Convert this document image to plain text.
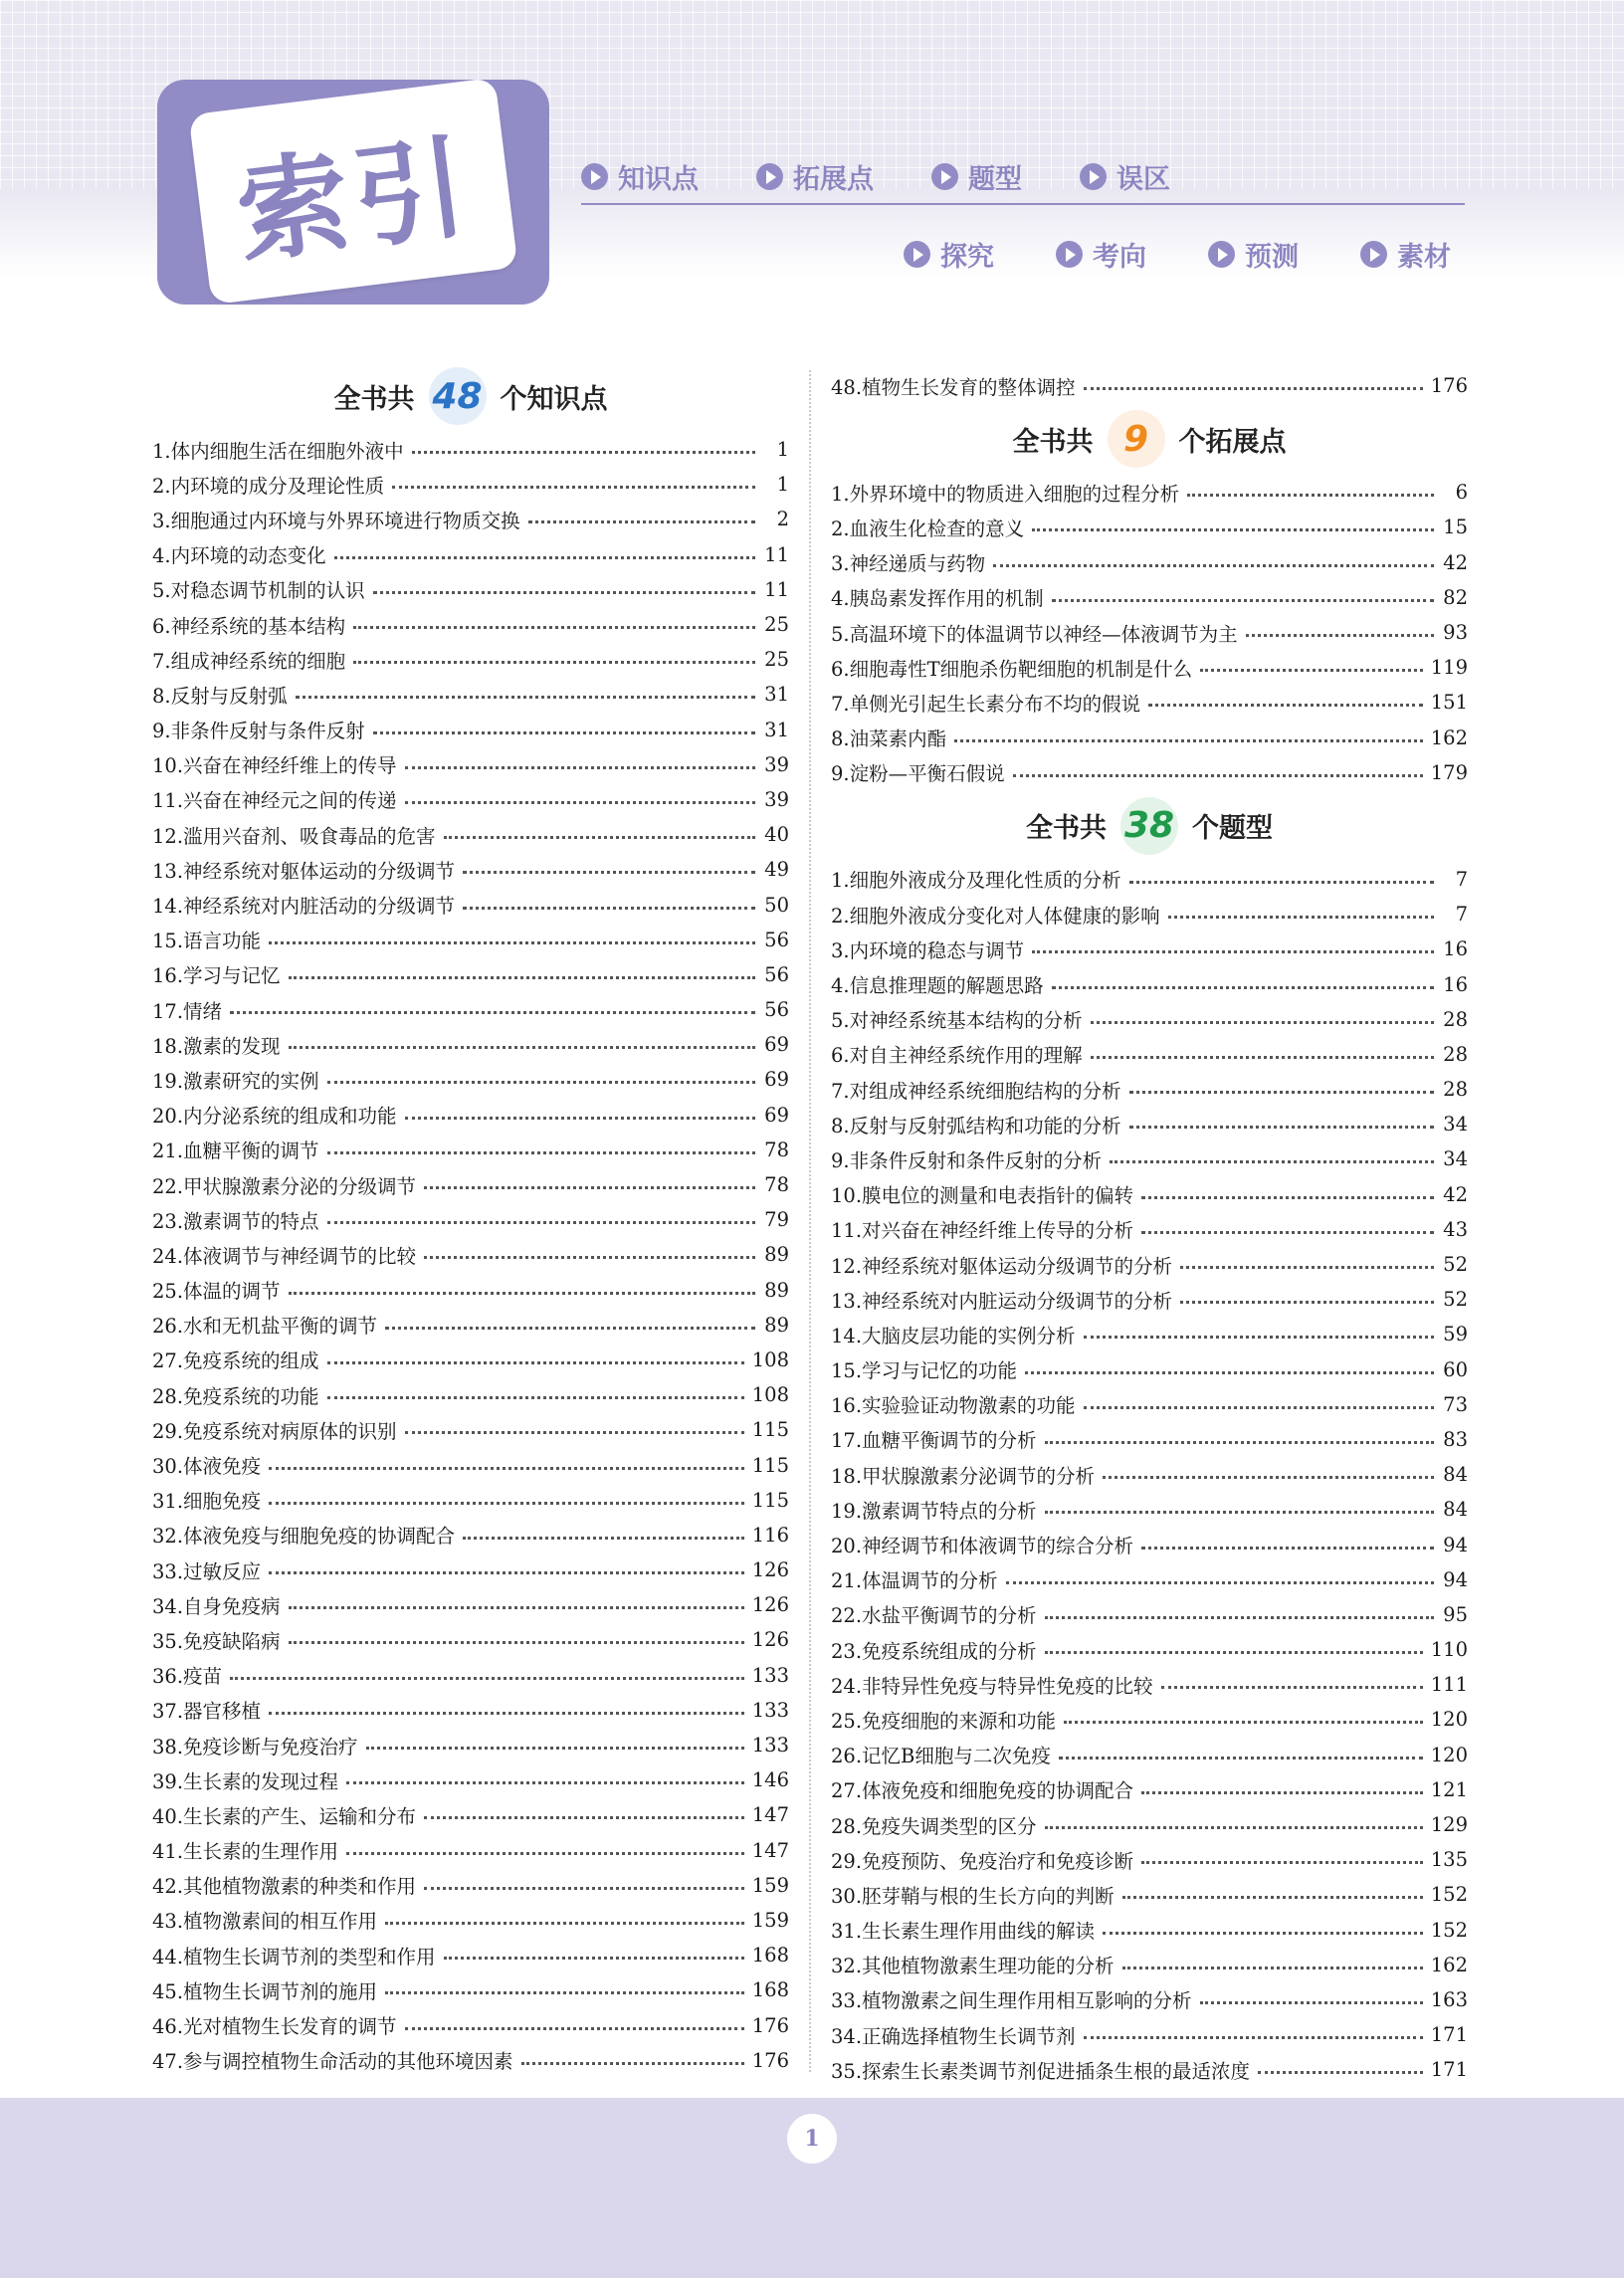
索引	知识点	拓展点	题型	误区
探究	考向	预测	素材
全书共 48 个知识点
1.体内细胞生活在细胞外液中	1
2.内环境的成分及理论性质	1
3.细胞通过内环境与外界环境进行物质交换	2
4.内环境的动态变化	11
5.对稳态调节机制的认识	11
6.神经系统的基本结构	25
7.组成神经系统的细胞	25
8.反射与反射弧	31
9.非条件反射与条件反射	31
10.兴奋在神经纤维上的传导	39
11.兴奋在神经元之间的传递	39
12.滥用兴奋剂、吸食毒品的危害	40
13.神经系统对躯体运动的分级调节	49
14.神经系统对内脏活动的分级调节	50
15.语言功能	56
16.学习与记忆	56
17.情绪	56
18.激素的发现	69
19.激素研究的实例	69
20.内分泌系统的组成和功能	69
21.血糖平衡的调节	78
22.甲状腺激素分泌的分级调节	78
23.激素调节的特点	79
24.体液调节与神经调节的比较	89
25.体温的调节	89
26.水和无机盐平衡的调节	89
27.免疫系统的组成	108
28.免疫系统的功能	108
29.免疫系统对病原体的识别	115
30.体液免疫	115
31.细胞免疫	115
32.体液免疫与细胞免疫的协调配合	116
33.过敏反应	126
34.自身免疫病	126
35.免疫缺陷病	126
36.疫苗	133
37.器官移植	133
38.免疫诊断与免疫治疗	133
39.生长素的发现过程	146
40.生长素的产生、运输和分布	147
41.生长素的生理作用	147
42.其他植物激素的种类和作用	159
43.植物激素间的相互作用	159
44.植物生长调节剂的类型和作用	168
45.植物生长调节剂的施用	168
46.光对植物生长发育的调节	176
47.参与调控植物生命活动的其他环境因素	176
48.植物生长发育的整体调控	176
全书共 9	个拓展点
1.外界环境中的物质进入细胞的过程分析	6
2.血液生化检查的意义	15
3.神经递质与药物	42
4.胰岛素发挥作用的机制	82
5.高温环境下的体温调节以神经—体液调节为主	93
6.细胞毒性T细胞杀伤靶细胞的机制是什么	119
7.单侧光引起生长素分布不均的假说	151
8.油菜素内酯	162
9.淀粉—平衡石假说	179
全书共 38 个题型
1.细胞外液成分及理化性质的分析	7
2.细胞外液成分变化对人体健康的影响	7
3.内环境的稳态与调节	16
4.信息推理题的解题思路	16
5.对神经系统基本结构的分析	28
6.对自主神经系统作用的理解	28
7.对组成神经系统细胞结构的分析	28
8.反射与反射弧结构和功能的分析	34
9.非条件反射和条件反射的分析	34
10.膜电位的测量和电表指针的偏转	42
11.对兴奋在神经纤维上传导的分析	43
12.神经系统对躯体运动分级调节的分析	52
13.神经系统对内脏运动分级调节的分析	52
14.大脑皮层功能的实例分析	59
15.学习与记忆的功能	60
16.实验验证动物激素的功能	73
17.血糖平衡调节的分析	83
18.甲状腺激素分泌调节的分析	84
19.激素调节特点的分析	84
20.神经调节和体液调节的综合分析	94
21.体温调节的分析	94
22.水盐平衡调节的分析	95
23.免疫系统组成的分析	110
24.非特异性免疫与特异性免疫的比较	111
25.免疫细胞的来源和功能	120
26.记忆B细胞与二次免疫	120
27.体液免疫和细胞免疫的协调配合	121
28.免疫失调类型的区分	129
29.免疫预防、免疫治疗和免疫诊断	135
30.胚芽鞘与根的生长方向的判断	152
31.生长素生理作用曲线的解读	152
32.其他植物激素生理功能的分析	162
33.植物激素之间生理作用相互影响的分析	163
34.正确选择植物生长调节剂	171
35.探索生长素类调节剂促进插条生根的最适浓度	171
1
